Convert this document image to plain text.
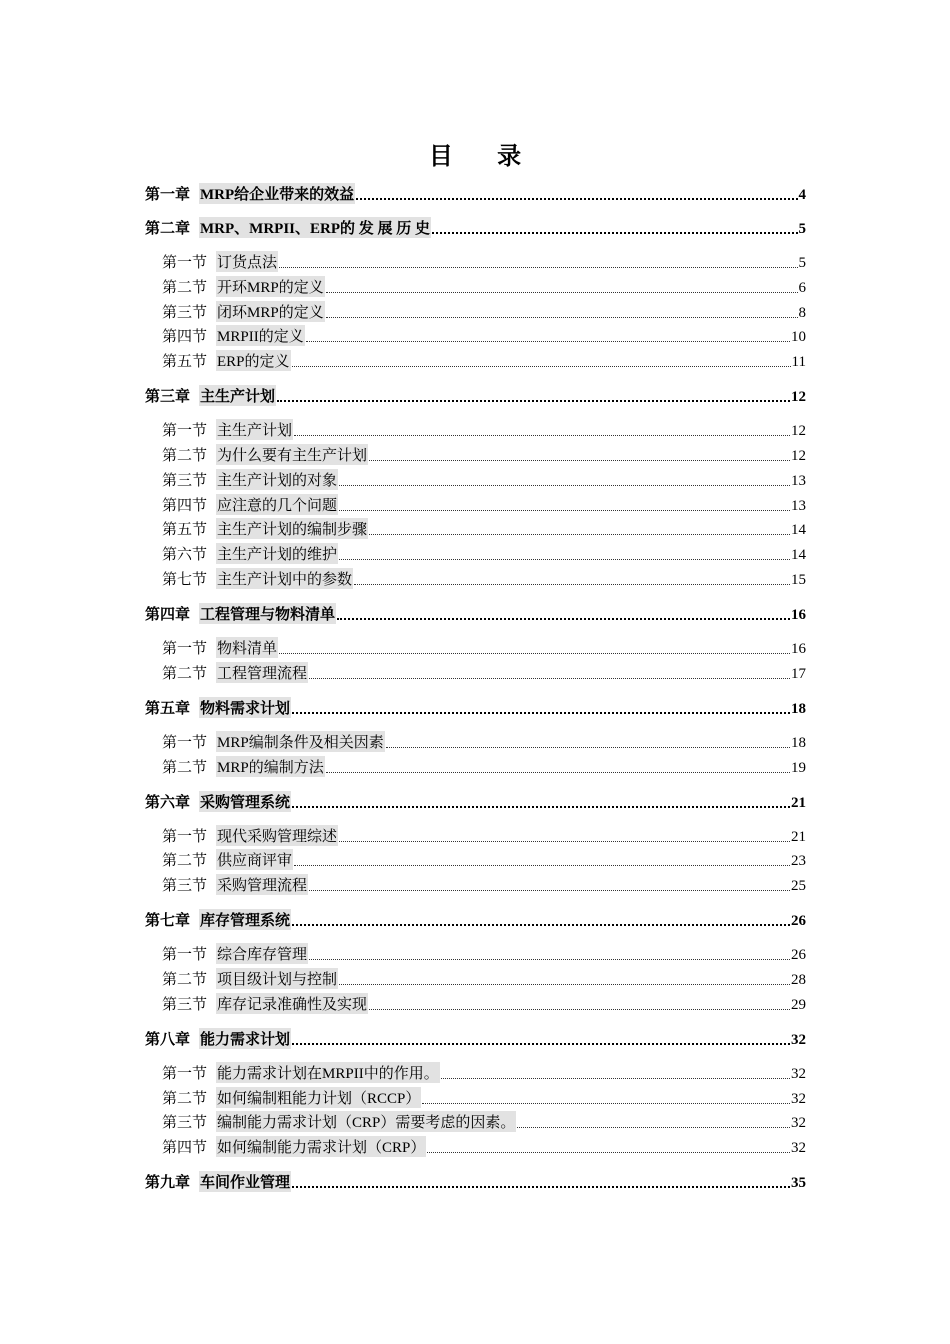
目 录
第一章 MRP给企业带来的效益	4
第二章 MRP、MRPII、ERP的 发 展 历 史	5
第一节 订货点法	5
第二节 开环MRP的定义	6
第三节 闭环MRP的定义	8
第四节 MRPII的定义	10
第五节 ERP的定义	11
第三章 主生产计划	12
第一节 主生产计划	12
第二节 为什么要有主生产计划	12
第三节 主生产计划的对象	13
第四节 应注意的几个问题	13
第五节 主生产计划的编制步骤	14
第六节 主生产计划的维护	14
第七节 主生产计划中的参数	15
第四章 工程管理与物料清单	16
第一节 物料清单	16
第二节 工程管理流程	17
第五章 物料需求计划	18
第一节 MRP编制条件及相关因素	18
第二节 MRP的编制方法	19
第六章 采购管理系统	21
第一节 现代采购管理综述	21
第二节 供应商评审	23
第三节 采购管理流程	25
第七章 库存管理系统	26
第一节 综合库存管理	26
第二节 项目级计划与控制	28
第三节 库存记录准确性及实现	29
第八章 能力需求计划	32
第一节 能力需求计划在MRPII中的作用。	32
第二节 如何编制粗能力计划（RCCP）	32
第三节 编制能力需求计划（CRP）需要考虑的因素。	32
第四节 如何编制能力需求计划（CRP）	32
第九章 车间作业管理	35
